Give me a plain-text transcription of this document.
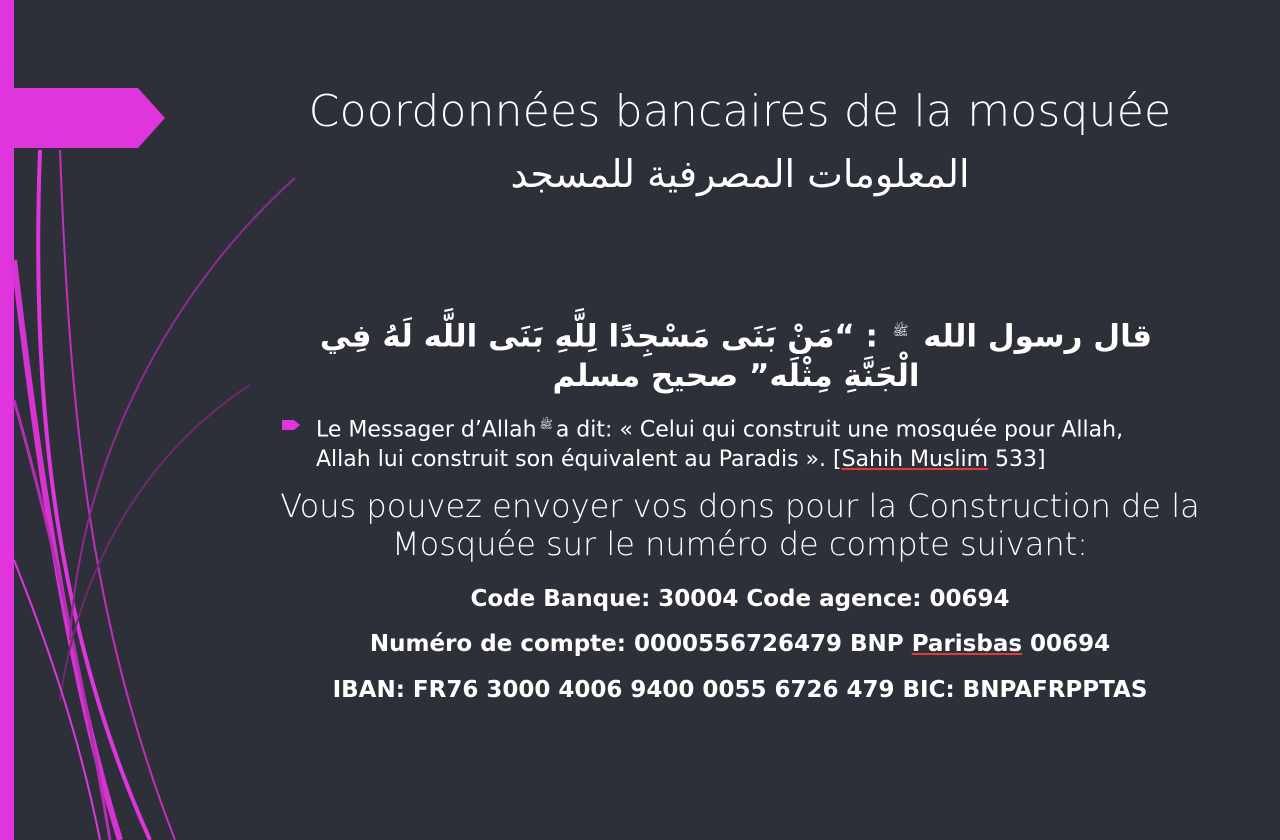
Coordonnées bancaires de la mosquée
المعلومات المصرفية للمسجد
قال رسول الله $^ﷺ$ : “مَنْ بَنَى مَسْجِدًا لِلَّهِ بَنَى اللَّه لَهُ فِي الْجَنَّةِ مِثْلَه” صحيح مسلم
Le Messager d’Allah $^ﷺ$ a dit: « Celui qui construit une mosquée pour Allah, Allah lui construit son équivalent au Paradis ». [Sahih Muslim 533]
Vous pouvez envoyer vos dons pour la Construction de la Mosquée sur le numéro de compte suivant:
Code Banque: 30004 Code agence: 00694
Numéro de compte: 0000556726479 BNP Parisbas 00694
IBAN: FR76 3000 4006 9400 0055 6726 479 BIC: BNPAFRPPTAS
